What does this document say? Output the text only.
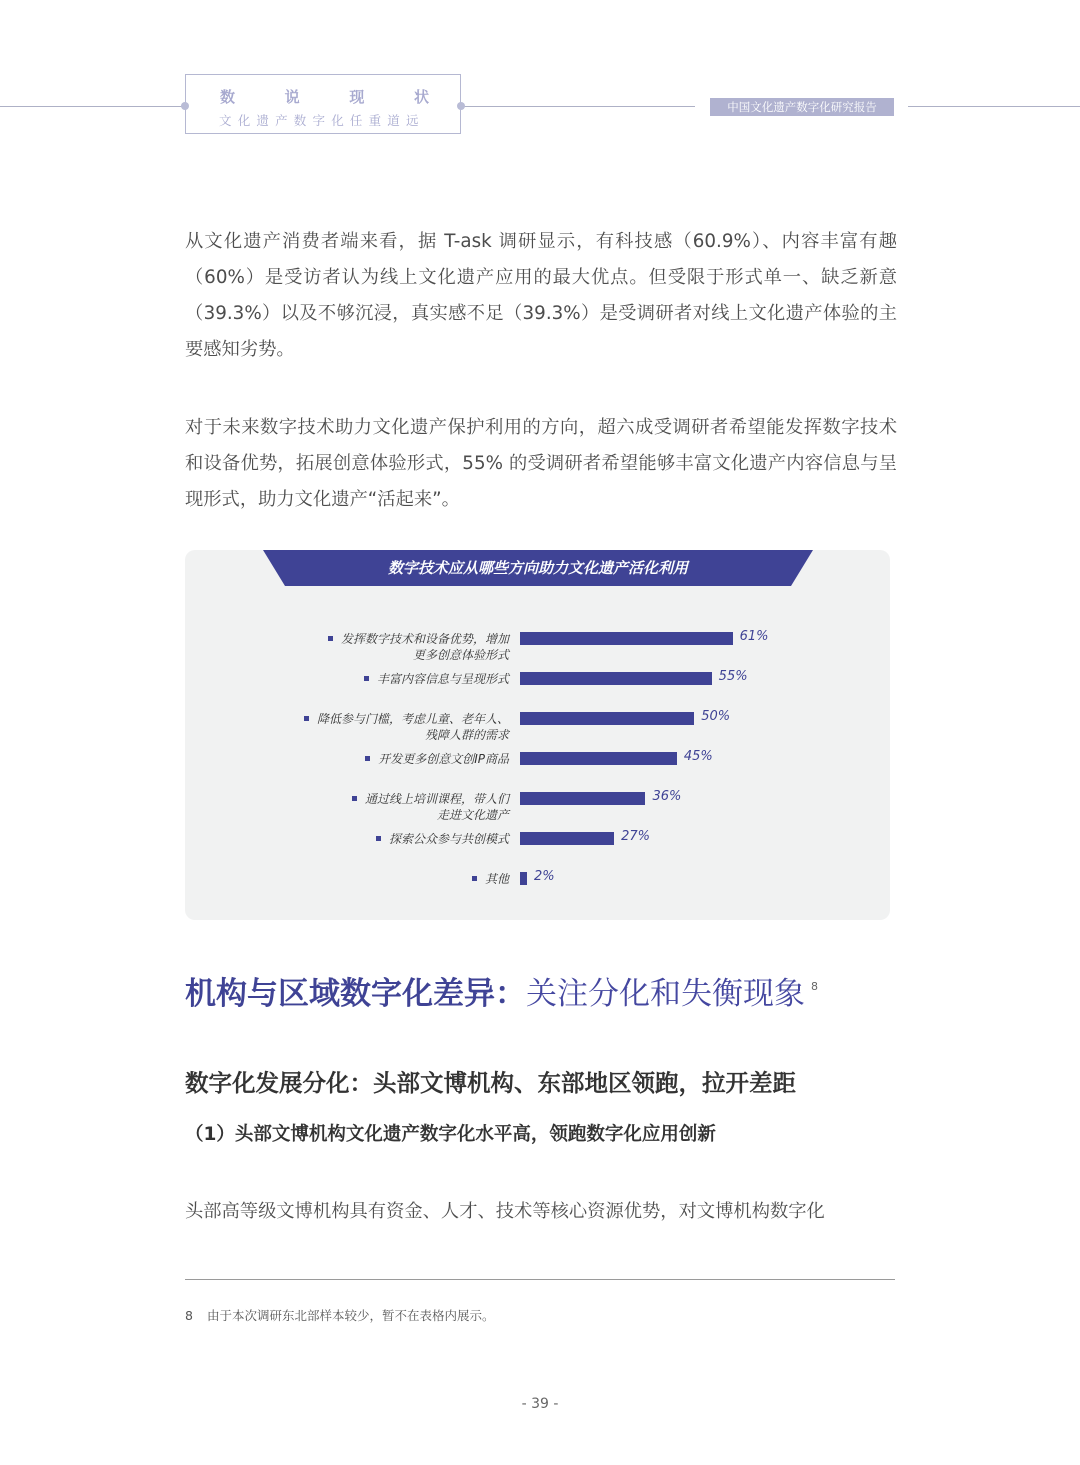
数	说	现	状
文化遗产数字化任重道远
中国文化遗产数字化研究报告
从文化遗产消费者端来看，据 T-ask 调研显示，有科技感（60.9%）、内容丰富有趣（60%）是受访者认为线上文化遗产应用的最大优点。但受限于形式单一、缺乏新意（39.3%）以及不够沉浸，真实感不足（39.3%）是受调研者对线上文化遗产体验的主要感知劣势。
对于未来数字技术助力文化遗产保护利用的方向，超六成受调研者希望能发挥数字技术和设备优势，拓展创意体验形式，55% 的受调研者希望能够丰富文化遗产内容信息与呈现形式，助力文化遗产“活起来”。
数字技术应从哪些方向助力文化遗产活化利用
发挥数字技术和设备优势，增加
更多创意体验形式
61%
丰富内容信息与呈现形式	55%
降低参与门槛，考虑儿童、老年人、
残障人群的需求
50%
开发更多创意文创IP商品	45%
通过线上培训课程，带人们
走进文化遗产
36%
探索公众参与共创模式	27%
其他 2%
机构与区域数字化差异：关注分化和失衡现象 $^8$
数字化发展分化：头部文博机构、东部地区领跑，拉开差距
（1）头部文博机构文化遗产数字化水平高，领跑数字化应用创新
头部高等级文博机构具有资金、人才、技术等核心资源优势，对文博机构数字化
8 由于本次调研东北部样本较少，暂不在表格内展示。
- 39 -
